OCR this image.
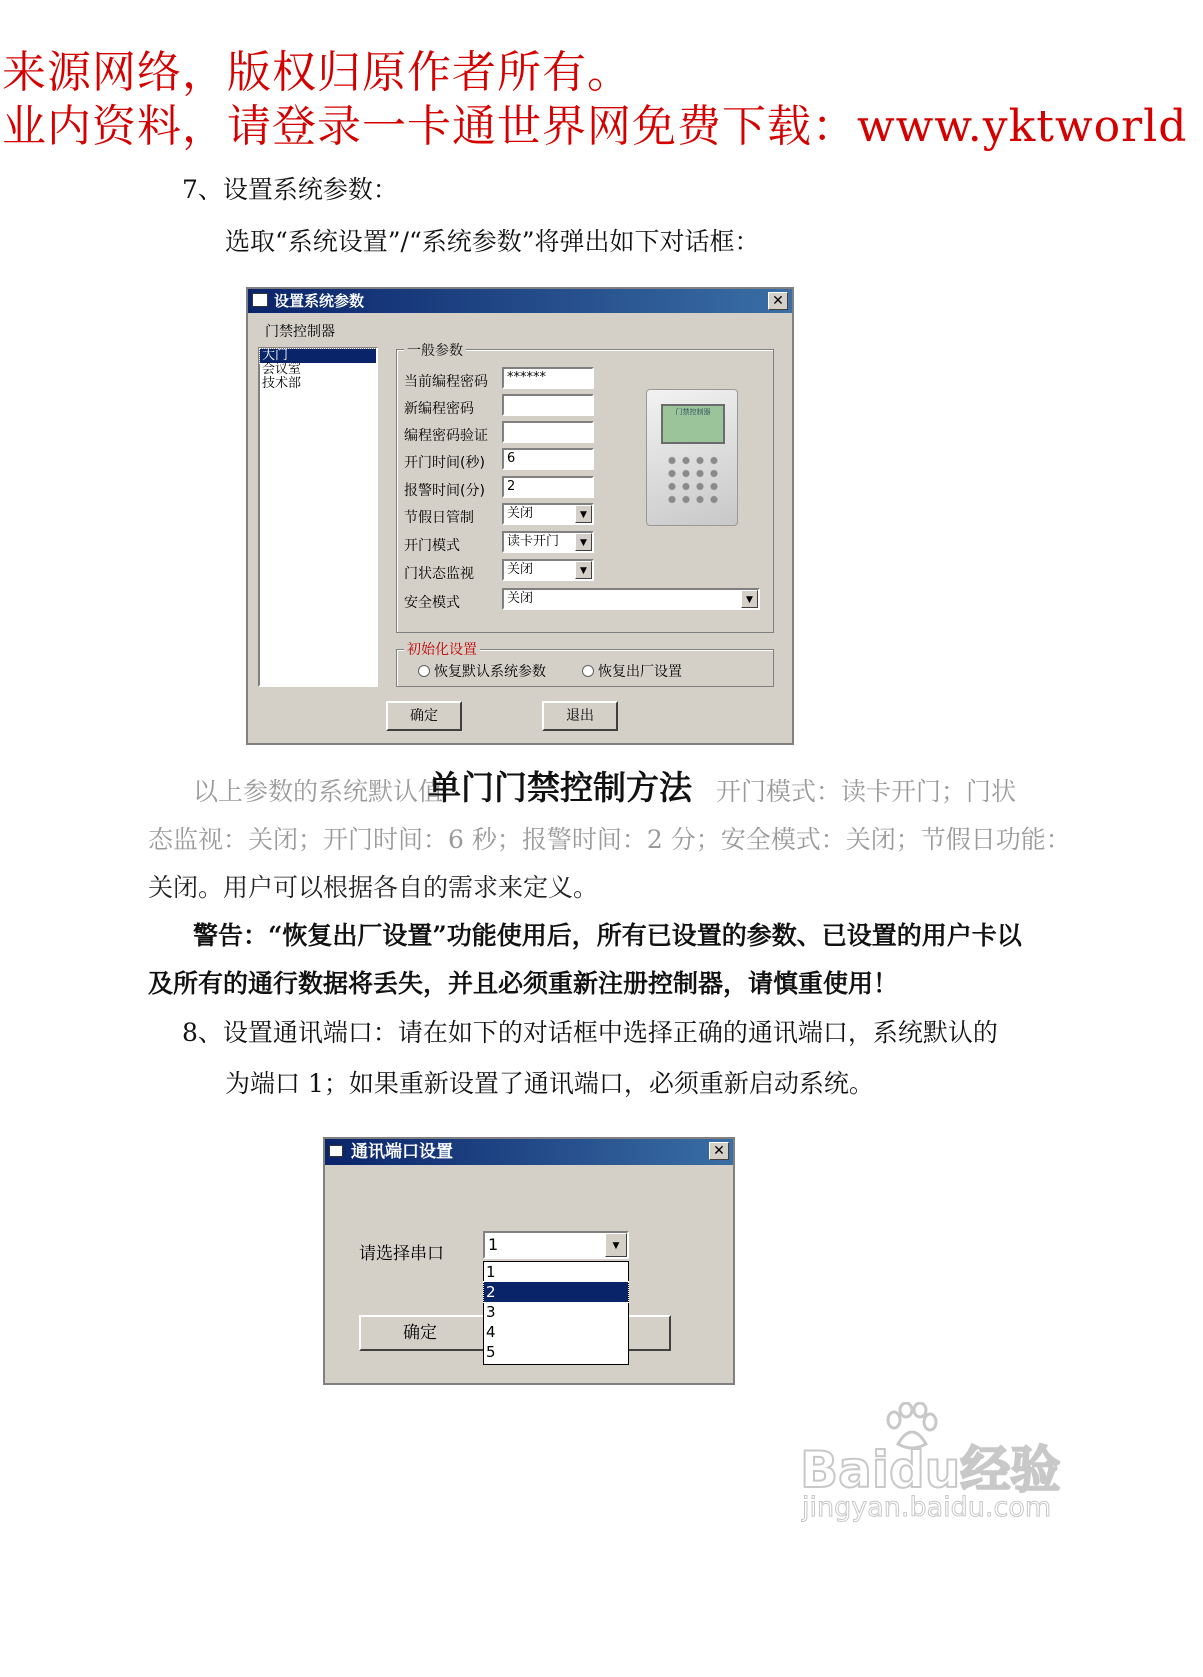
来源网络，版权归原作者所有。
业内资料，请登录一卡通世界网免费下载：www.yktworld
7、设置系统参数：
选取“系统设置”/“系统参数”将弹出如下对话框：
设置系统参数	✕
门禁控制器
大门
会议室
技术部
一般参数
当前编程密码	******
新编程密码
编程密码验证
开门时间(秒)	6
报警时间(分)	2
节假日管制	关闭	▼
开门模式	读卡开门	▼
门状态监视	关闭	▼
安全模式	关闭	▼
门禁控制器
初始化设置
恢复默认系统参数	恢复出厂设置
确定	退出
以上参数的系统默认值	开门模式：读卡开门；门状
单门门禁控制方法
态监视：关闭；开门时间：6 秒；报警时间：2 分；安全模式：关闭；节假日功能：
关闭。用户可以根据各自的需求来定义。
警告：“恢复出厂设置”功能使用后，所有已设置的参数、已设置的用户卡以
及所有的通行数据将丢失，并且必须重新注册控制器，请慎重使用！
8、设置通讯端口：请在如下的对话框中选择正确的通讯端口，系统默认的
为端口 1；如果重新设置了通讯端口，必须重新启动系统。
通讯端口设置	✕
请选择串口	1	▼
确定
1
2
3
4
5
Baidu经验
jingyan.baidu.com
